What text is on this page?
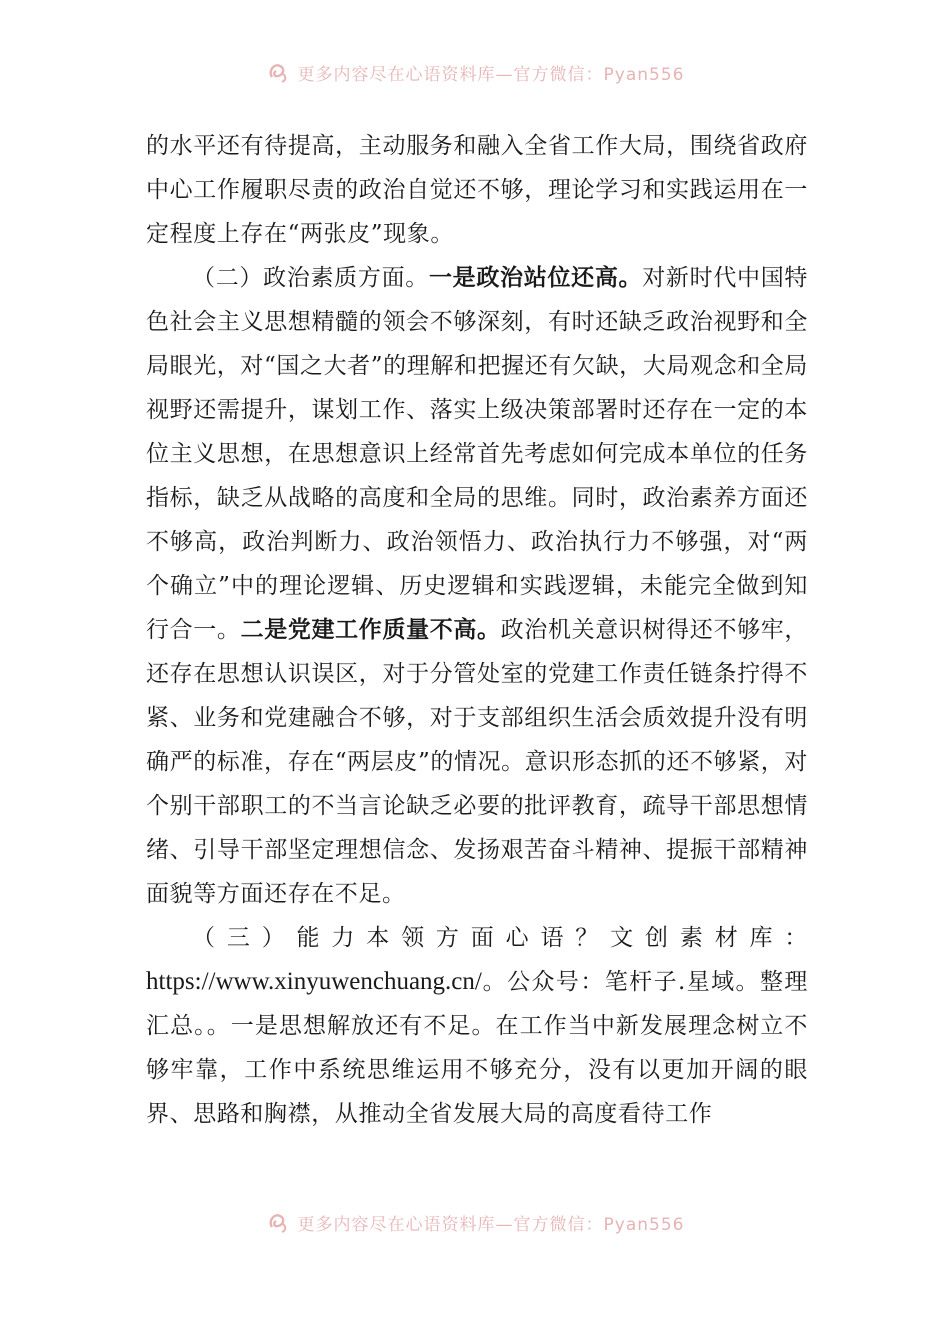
更多内容尽在心语资料库—官方微信：Pyan556

的水平还有待提高，主动服务和融入全省工作大局，围绕省政府中心工作履职尽责的政治自觉还不够，理论学习和实践运用在一定程度上存在“两张皮”现象。

（二）政治素质方面。一是政治站位还高。对新时代中国特色社会主义思想精髓的领会不够深刻，有时还缺乏政治视野和全局眼光，对“国之大者”的理解和把握还有欠缺，大局观念和全局视野还需提升，谋划工作、落实上级决策部署时还存在一定的本位主义思想，在思想意识上经常首先考虑如何完成本单位的任务指标，缺乏从战略的高度和全局的思维。同时，政治素养方面还不够高，政治判断力、政治领悟力、政治执行力不够强，对“两个确立”中的理论逻辑、历史逻辑和实践逻辑，未能完全做到知行合一。二是党建工作质量不高。政治机关意识树得还不够牢，还存在思想认识误区，对于分管处室的党建工作责任链条拧得不紧、业务和党建融合不够，对于支部组织生活会质效提升没有明确严的标准，存在“两层皮”的情况。意识形态抓的还不够紧，对个别干部职工的不当言论缺乏必要的批评教育，疏导干部思想情绪、引导干部坚定理想信念、发扬艰苦奋斗精神、提振干部精神面貌等方面还存在不足。

（三）能力本领方面心语？文创素材库：https://www.xinyuwenchuang.cn/。公众号：笔杆子.星域。整理汇总。。一是思想解放还有不足。在工作当中新发展理念树立不够牢靠，工作中系统思维运用不够充分，没有以更加开阔的眼界、思路和胸襟，从推动全省发展大局的高度看待工作

更多内容尽在心语资料库—官方微信：Pyan556
